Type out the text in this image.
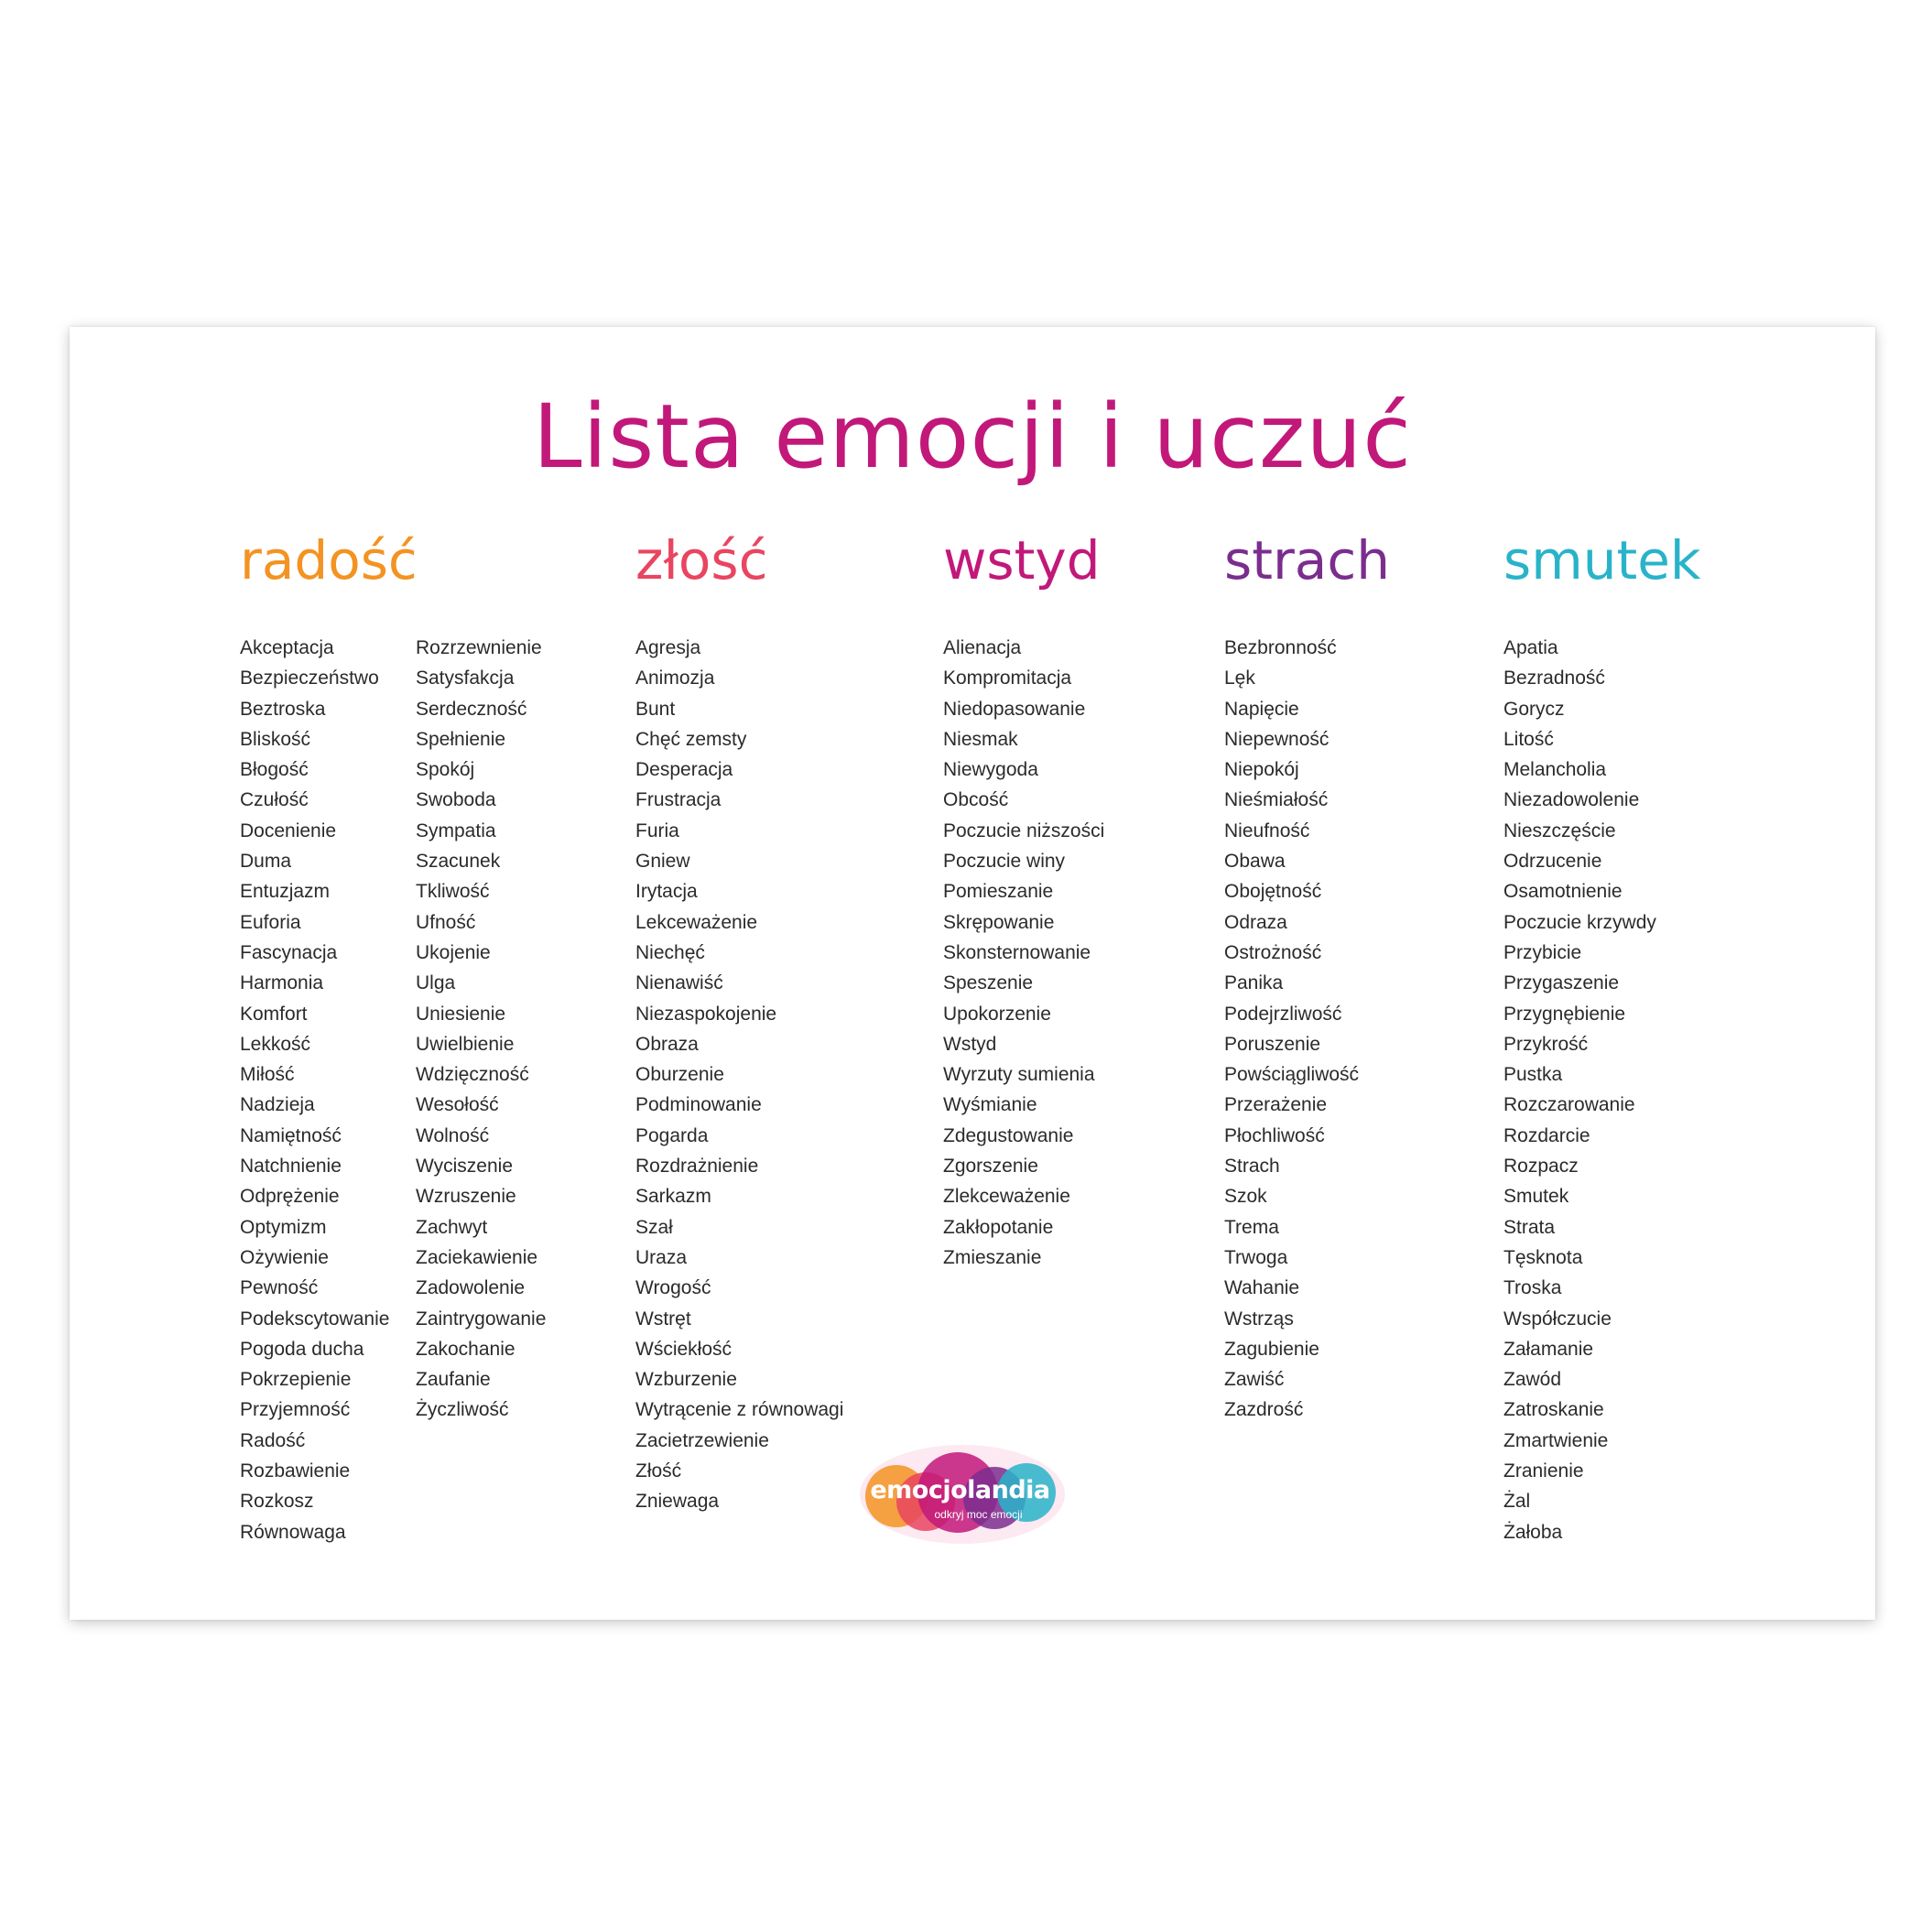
Lista emocji i uczuć
radość
Akceptacja
Bezpieczeństwo
Beztroska
Bliskość
Błogość
Czułość
Docenienie
Duma
Entuzjazm
Euforia
Fascynacja
Harmonia
Komfort
Lekkość
Miłość
Nadzieja
Namiętność
Natchnienie
Odprężenie
Optymizm
Ożywienie
Pewność
Podekscytowanie
Pogoda ducha
Pokrzepienie
Przyjemność
Radość
Rozbawienie
Rozkosz
Równowaga
Rozrzewnienie
Satysfakcja
Serdeczność
Spełnienie
Spokój
Swoboda
Sympatia
Szacunek
Tkliwość
Ufność
Ukojenie
Ulga
Uniesienie
Uwielbienie
Wdzięczność
Wesołość
Wolność
Wyciszenie
Wzruszenie
Zachwyt
Zaciekawienie
Zadowolenie
Zaintrygowanie
Zakochanie
Zaufanie
Życzliwość
złość
Agresja
Animozja
Bunt
Chęć zemsty
Desperacja
Frustracja
Furia
Gniew
Irytacja
Lekceważenie
Niechęć
Nienawiść
Niezaspokojenie
Obraza
Oburzenie
Podminowanie
Pogarda
Rozdrażnienie
Sarkazm
Szał
Uraza
Wrogość
Wstręt
Wściekłość
Wzburzenie
Wytrącenie z równowagi
Zacietrzewienie
Złość
Zniewaga
wstyd
Alienacja
Kompromitacja
Niedopasowanie
Niesmak
Niewygoda
Obcość
Poczucie niższości
Poczucie winy
Pomieszanie
Skrępowanie
Skonsternowanie
Speszenie
Upokorzenie
Wstyd
Wyrzuty sumienia
Wyśmianie
Zdegustowanie
Zgorszenie
Zlekceważenie
Zakłopotanie
Zmieszanie
strach
Bezbronność
Lęk
Napięcie
Niepewność
Niepokój
Nieśmiałość
Nieufność
Obawa
Obojętność
Odraza
Ostrożność
Panika
Podejrzliwość
Poruszenie
Powściągliwość
Przerażenie
Płochliwość
Strach
Szok
Trema
Trwoga
Wahanie
Wstrząs
Zagubienie
Zawiść
Zazdrość
smutek
Apatia
Bezradność
Gorycz
Litość
Melancholia
Niezadowolenie
Nieszczęście
Odrzucenie
Osamotnienie
Poczucie krzywdy
Przybicie
Przygaszenie
Przygnębienie
Przykrość
Pustka
Rozczarowanie
Rozdarcie
Rozpacz
Smutek
Strata
Tęsknota
Troska
Współczucie
Załamanie
Zawód
Zatroskanie
Zmartwienie
Zranienie
Żal
Żałoba
emocjolandia
odkryj moc emocji
